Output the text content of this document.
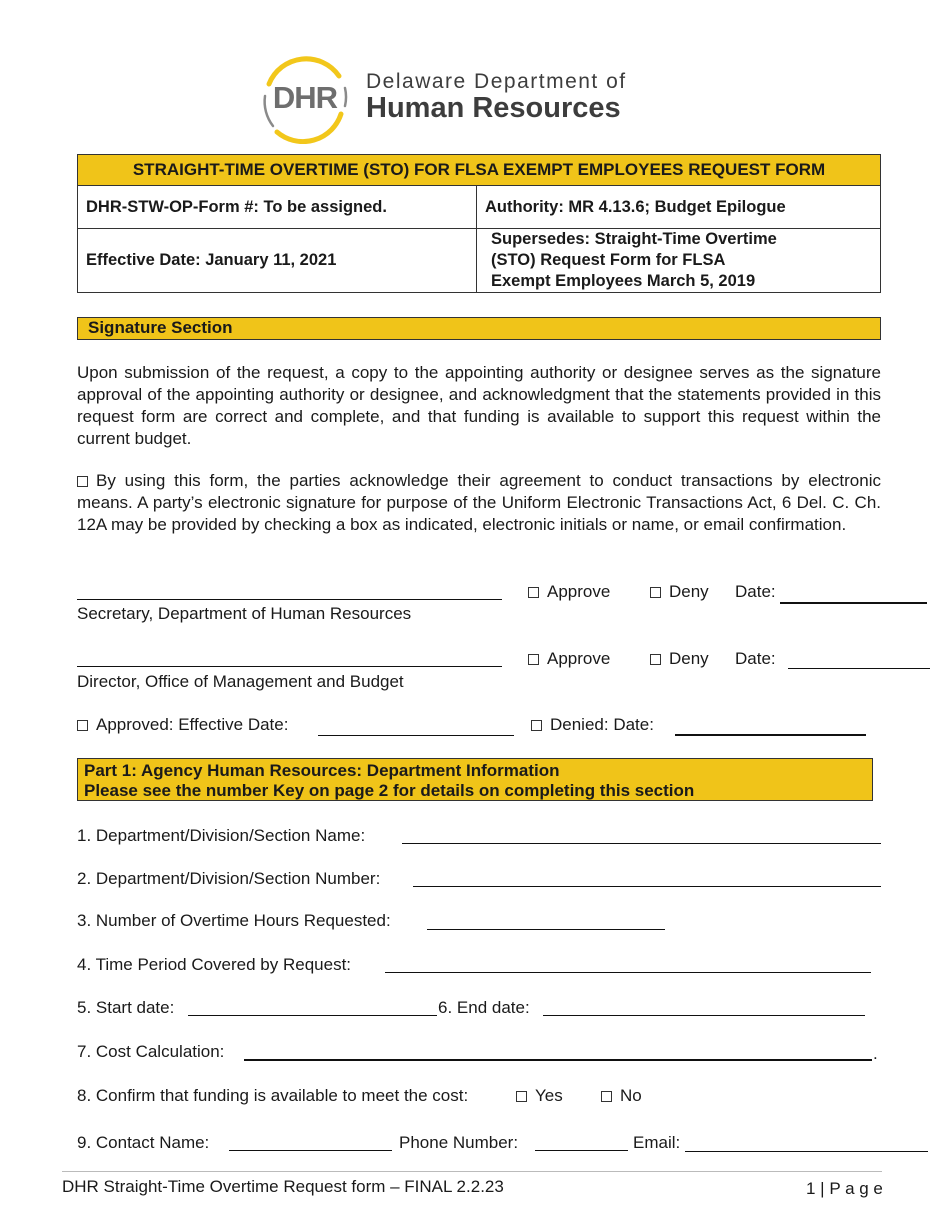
DHR	Delaware Department of
Human Resources
STRAIGHT-TIME OVERTIME (STO) FOR FLSA EXEMPT EMPLOYEES REQUEST FORM	
DHR-STW-OP-Form #: To be assigned.	Authority: MR 4.13.6; Budget Epilogue
Effective Date: January 11, 2021	Supersedes: Straight-Time Overtime
(STO) Request Form for FLSA
Exempt Employees March 5, 2019
Signature Section
Upon submission of the request, a copy to the appointing authority or designee serves as the signature approval of the appointing authority or designee, and acknowledgment that the statements provided in this request form are correct and complete, and that funding is available to support this request within the current budget.
By using this form, the parties acknowledge their agreement to conduct transactions by electronic means. A party’s electronic signature for purpose of the Uniform Electronic Transactions Act, 6 Del. C. Ch. 12A may be provided by checking a box as indicated, electronic initials or name, or email confirmation.
Secretary, Department of Human Resources
Approve	Deny Date:
Director, Office of Management and Budget
Approve	Deny Date:
Approved: Effective Date:	Denied: Date:
Part 1: Agency Human Resources: Department Information
Please see the number Key on page 2 for details on completing this section
1. Department/Division/Section Name:
2. Department/Division/Section Number:
3. Number of Overtime Hours Requested:
4. Time Period Covered by Request:
5. Start date:	6. End date:
7. Cost Calculation:	.
8. Confirm that funding is available to meet the cost:	Yes	No
9. Contact Name:	Phone Number:	Email:
DHR Straight-Time Overtime Request form – FINAL 2.2.23	1 | P a g e
